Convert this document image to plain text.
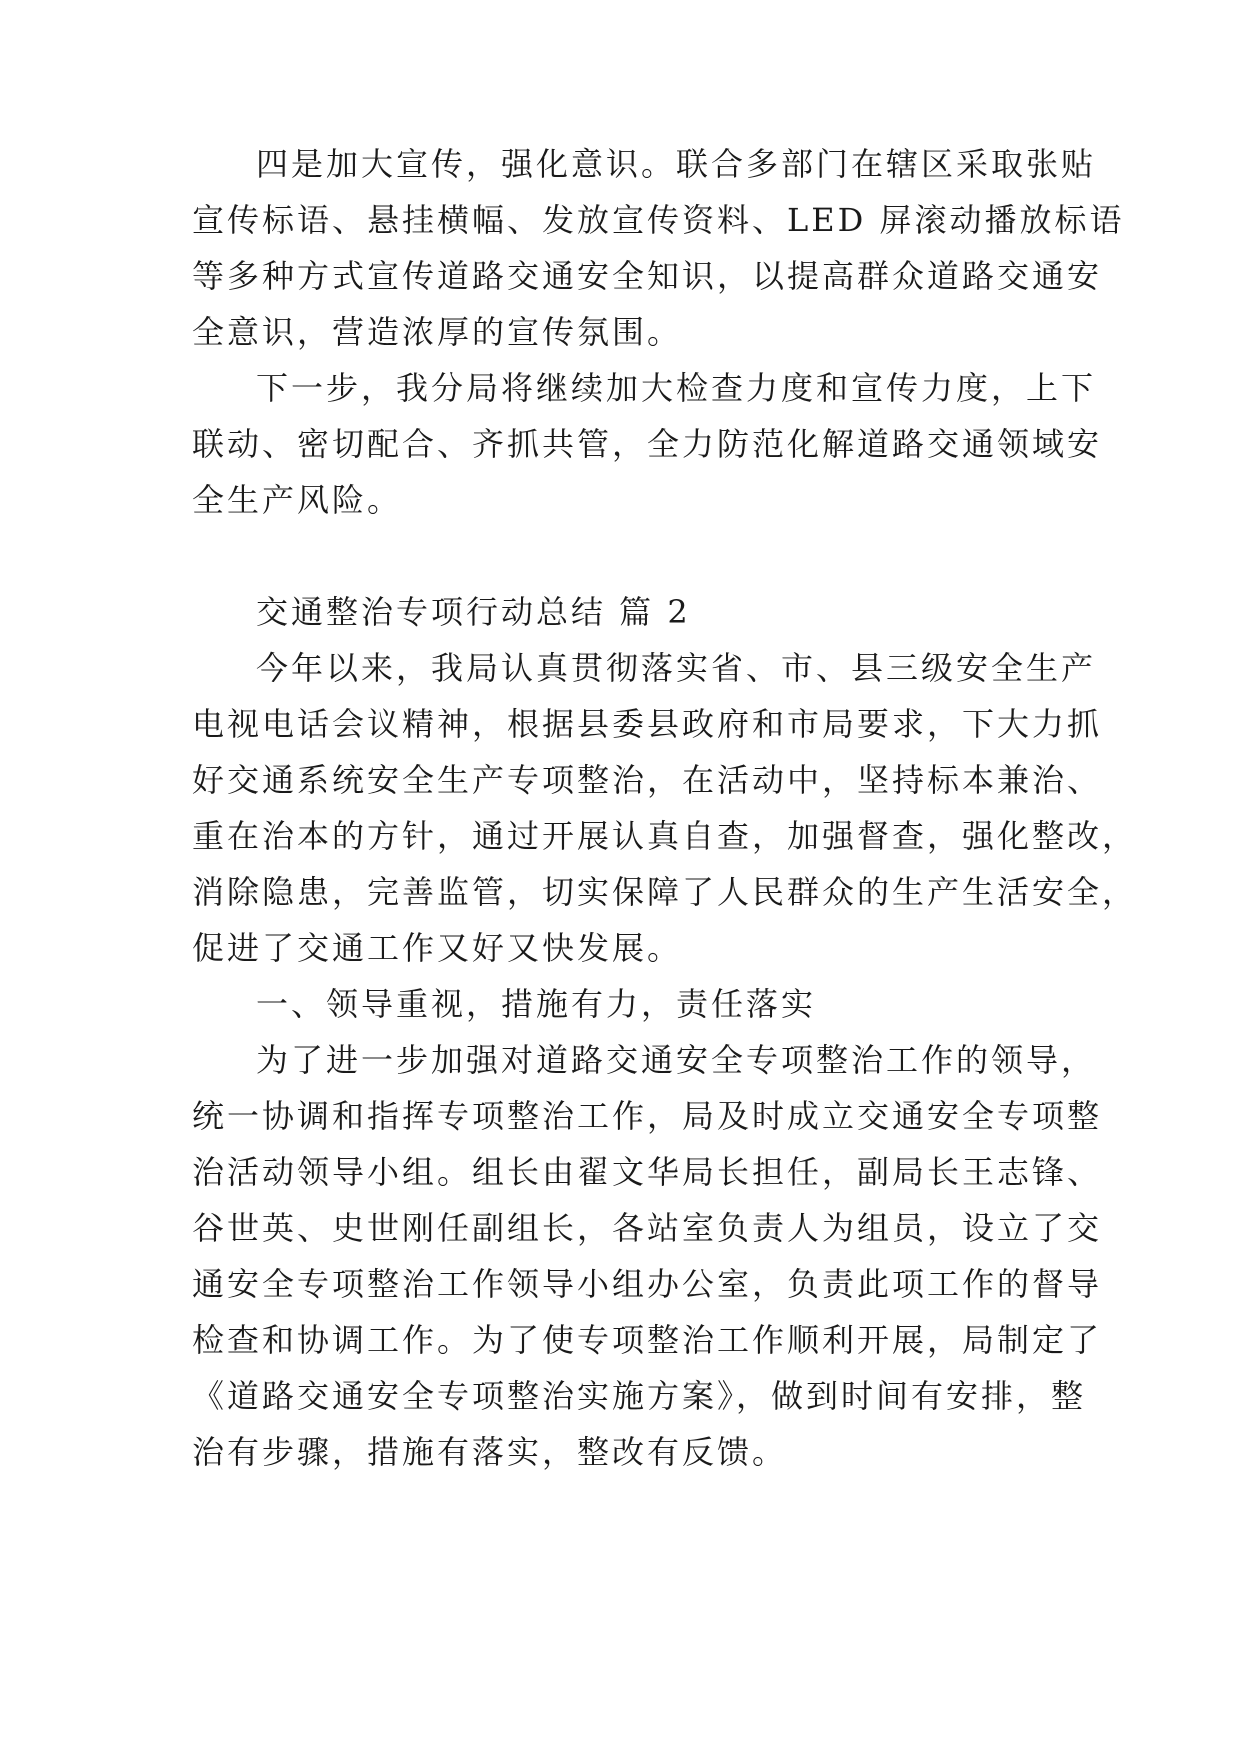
四是加大宣传，强化意识。联合多部门在辖区采取张贴
宣传标语、悬挂横幅、发放宣传资料、LED 屏滚动播放标语
等多种方式宣传道路交通安全知识，以提高群众道路交通安
全意识，营造浓厚的宣传氛围。
下一步，我分局将继续加大检查力度和宣传力度，上下
联动、密切配合、齐抓共管，全力防范化解道路交通领域安
全生产风险。
交通整治专项行动总结 篇 2
今年以来，我局认真贯彻落实省、市、县三级安全生产
电视电话会议精神，根据县委县政府和市局要求，下大力抓
好交通系统安全生产专项整治，在活动中，坚持标本兼治、
重在治本的方针，通过开展认真自查，加强督查，强化整改，
消除隐患，完善监管，切实保障了人民群众的生产生活安全，
促进了交通工作又好又快发展。
一、领导重视，措施有力，责任落实
为了进一步加强对道路交通安全专项整治工作的领导，
统一协调和指挥专项整治工作，局及时成立交通安全专项整
治活动领导小组。组长由翟文华局长担任，副局长王志锋、
谷世英、史世刚任副组长，各站室负责人为组员，设立了交
通安全专项整治工作领导小组办公室，负责此项工作的督导
检查和协调工作。为了使专项整治工作顺利开展，局制定了
《道路交通安全专项整治实施方案》，做到时间有安排，整
治有步骤，措施有落实，整改有反馈。
